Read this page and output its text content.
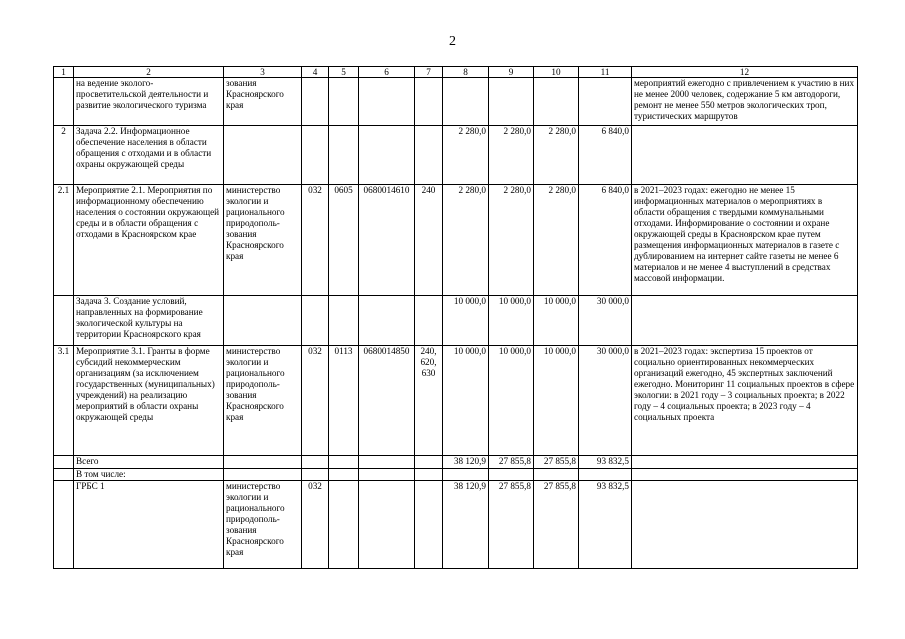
2
1	2	3	4	5	6	7	8	9	10	11	12
	на ведение эколого-просветительской деятельности и развитие экологического туризма	зования Красноярского края									мероприятий ежегодно с привлечением к участию в них не менее 2000 человек, содержание 5 км автодороги, ремонт не менее 550 метров экологических троп, туристических маршрутов
2	Задача 2.2. Информационное обеспечение населения в области обращения с отходами и в области охраны окружающей среды						2 280,0	2 280,0	2 280,0	6 840,0	
2.1	Мероприятие 2.1. Мероприятия по информационному обеспечению населения о состоянии окружающей среды и в области обращения с отходами в Красноярском крае	министерство экологии и рационального природополь-зования Красноярского края	032	0605	0680014610	240	2 280,0	2 280,0	2 280,0	6 840,0	в 2021–2023 годах: ежегодно не менее 15 информационных материалов о мероприятиях в области обращения с твердыми коммунальными отходами. Информирование о состоянии и охране окружающей среды в Красноярском крае путем размещения информационных материалов в газете с дублированием на интернет сайте газеты не менее 6 материалов и не менее 4 выступлений в средствах массовой информации.
	Задача 3. Создание условий, направленных на формирование экологической культуры на территории Красноярского края						10 000,0	10 000,0	10 000,0	30 000,0	
3.1	Мероприятие 3.1. Гранты в форме субсидий некоммерческим организациям (за исключением государственных (муниципальных) учреждений) на реализацию мероприятий в области охраны окружающей среды	министерство экологии и рационального природополь-зования Красноярского края	032	0113	0680014850	240, 620, 630	10 000,0	10 000,0	10 000,0	30 000,0	в 2021–2023 годах: экспертиза 15 проектов от социально ориентированных некоммерческих организаций ежегодно, 45 экспертных заключений ежегодно. Мониторинг 11 социальных проектов в сфере экологии: в 2021 году – 3 социальных проекта; в 2022 году – 4 социальных проекта; в 2023 году – 4 социальных проекта
	Всего						38 120,9	27 855,8	27 855,8	93 832,5	
	В том числе:										
	ГРБС 1	министерство экологии и рационального природополь-зования Красноярского края	032				38 120,9	27 855,8	27 855,8	93 832,5	
